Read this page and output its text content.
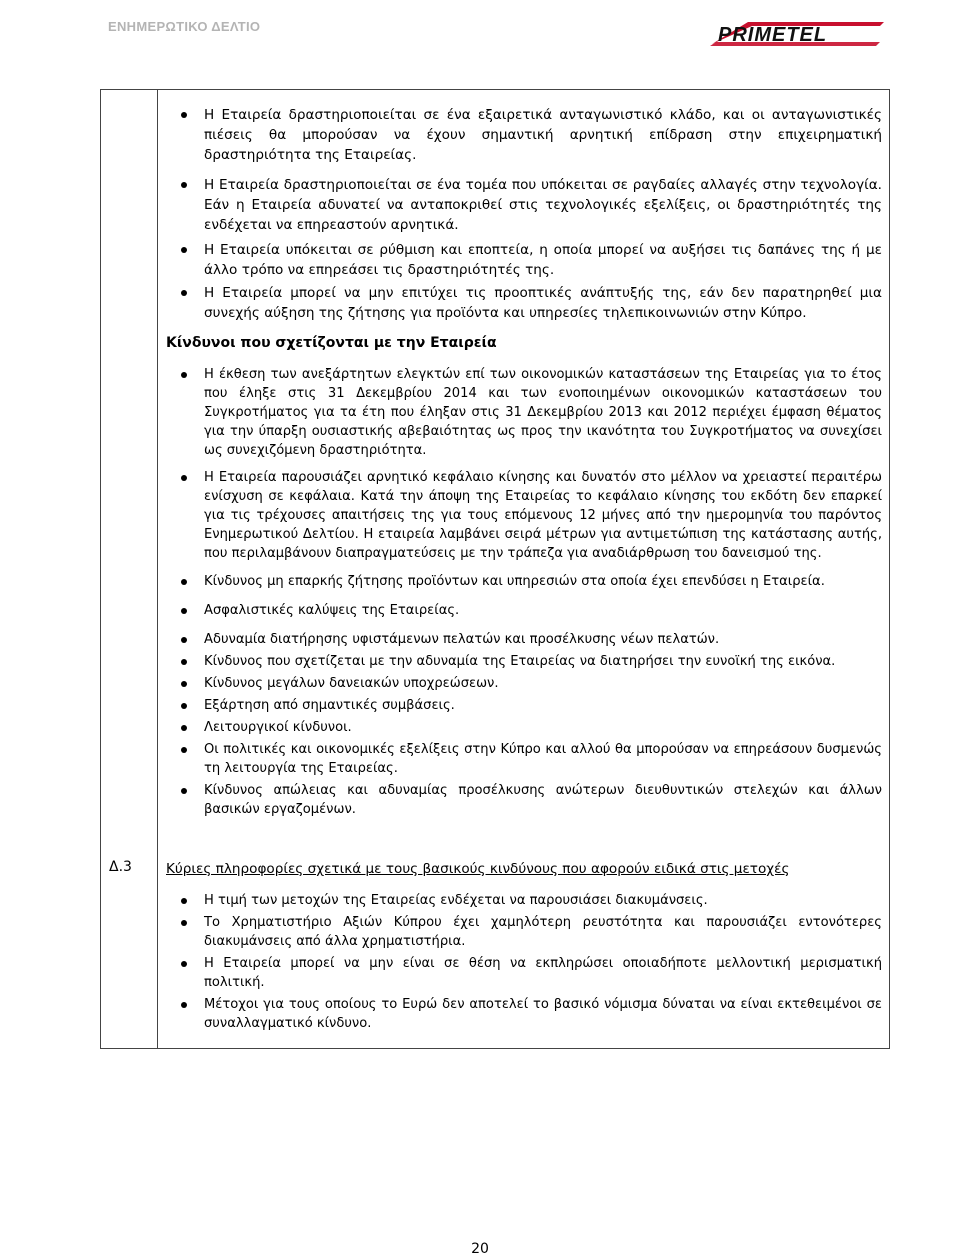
ΕΝΗΜΕΡΩΤΙΚΟ ΔΕΛΤΙΟ	PRIMETEL
Η Εταιρεία δραστηριοποιείται σε ένα εξαιρετικά ανταγωνιστικό κλάδο, και οι ανταγωνιστικές πιέσεις θα μπορούσαν να έχουν σημαντική αρνητική επίδραση στην επιχειρηματική δραστηριότητα της Εταιρείας.
Η Εταιρεία δραστηριοποιείται σε ένα τομέα που υπόκειται σε ραγδαίες αλλαγές στην τεχνολογία. Εάν η Εταιρεία αδυνατεί να ανταποκριθεί στις τεχνολογικές εξελίξεις, οι δραστηριότητές της ενδέχεται να επηρεαστούν αρνητικά.
Η Εταιρεία υπόκειται σε ρύθμιση και εποπτεία, η οποία μπορεί να αυξήσει τις δαπάνες της ή με άλλο τρόπο να επηρεάσει τις δραστηριότητές της.
Η Εταιρεία μπορεί να μην επιτύχει τις προοπτικές ανάπτυξής της, εάν δεν παρατηρηθεί μια συνεχής αύξηση της ζήτησης για προϊόντα και υπηρεσίες τηλεπικοινωνιών στην Κύπρο.
Κίνδυνοι που σχετίζονται με την Εταιρεία
Η έκθεση των ανεξάρτητων ελεγκτών επί των οικονομικών καταστάσεων της Εταιρείας για το έτος που έληξε στις 31 Δεκεμβρίου 2014 και των ενοποιημένων οικονομικών καταστάσεων του Συγκροτήματος για τα έτη που έληξαν στις 31 Δεκεμβρίου 2013 και 2012 περιέχει έμφαση θέματος για την ύπαρξη ουσιαστικής αβεβαιότητας ως προς την ικανότητα του Συγκροτήματος να συνεχίσει ως συνεχιζόμενη δραστηριότητα.
Η Εταιρεία παρουσιάζει αρνητικό κεφάλαιο κίνησης και δυνατόν στο μέλλον να χρειαστεί περαιτέρω ενίσχυση σε κεφάλαια. Κατά την άποψη της Εταιρείας το κεφάλαιο κίνησης του εκδότη δεν επαρκεί για τις τρέχουσες απαιτήσεις της για τους επόμενους 12 μήνες από την ημερομηνία του παρόντος Ενημερωτικού Δελτίου. Η εταιρεία λαμβάνει σειρά μέτρων για αντιμετώπιση της κατάστασης αυτής, που περιλαμβάνουν διαπραγματεύσεις με την τράπεζα για αναδιάρθρωση του δανεισμού της.
Κίνδυνος μη επαρκής ζήτησης προϊόντων και υπηρεσιών στα οποία έχει επενδύσει η Εταιρεία.
Ασφαλιστικές καλύψεις της Εταιρείας.
Αδυναμία διατήρησης υφιστάμενων πελατών και προσέλκυσης νέων πελατών.
Κίνδυνος που σχετίζεται με την αδυναμία της Εταιρείας να διατηρήσει την ευνοϊκή της εικόνα.
Κίνδυνος μεγάλων δανειακών υποχρεώσεων.
Εξάρτηση από σημαντικές συμβάσεις.
Λειτουργικοί κίνδυνοι.
Οι πολιτικές και οικονομικές εξελίξεις στην Κύπρο και αλλού θα μπορούσαν να επηρεάσουν δυσμενώς τη λειτουργία της Εταιρείας.
Κίνδυνος απώλειας και αδυναμίας προσέλκυσης ανώτερων διευθυντικών στελεχών και άλλων βασικών εργαζομένων.
Δ.3	Κύριες πληροφορίες σχετικά με τους βασικούς κινδύνους που αφορούν ειδικά στις μετοχές
Η τιμή των μετοχών της Εταιρείας ενδέχεται να παρουσιάσει διακυμάνσεις.
Το Χρηματιστήριο Αξιών Κύπρου έχει χαμηλότερη ρευστότητα και παρουσιάζει εντονότερες διακυμάνσεις από άλλα χρηματιστήρια.
Η Εταιρεία μπορεί να μην είναι σε θέση να εκπληρώσει οποιαδήποτε μελλοντική μερισματική πολιτική.
Μέτοχοι για τους οποίους το Ευρώ δεν αποτελεί το βασικό νόμισμα δύναται να είναι εκτεθειμένοι σε συναλλαγματικό κίνδυνο.
20
